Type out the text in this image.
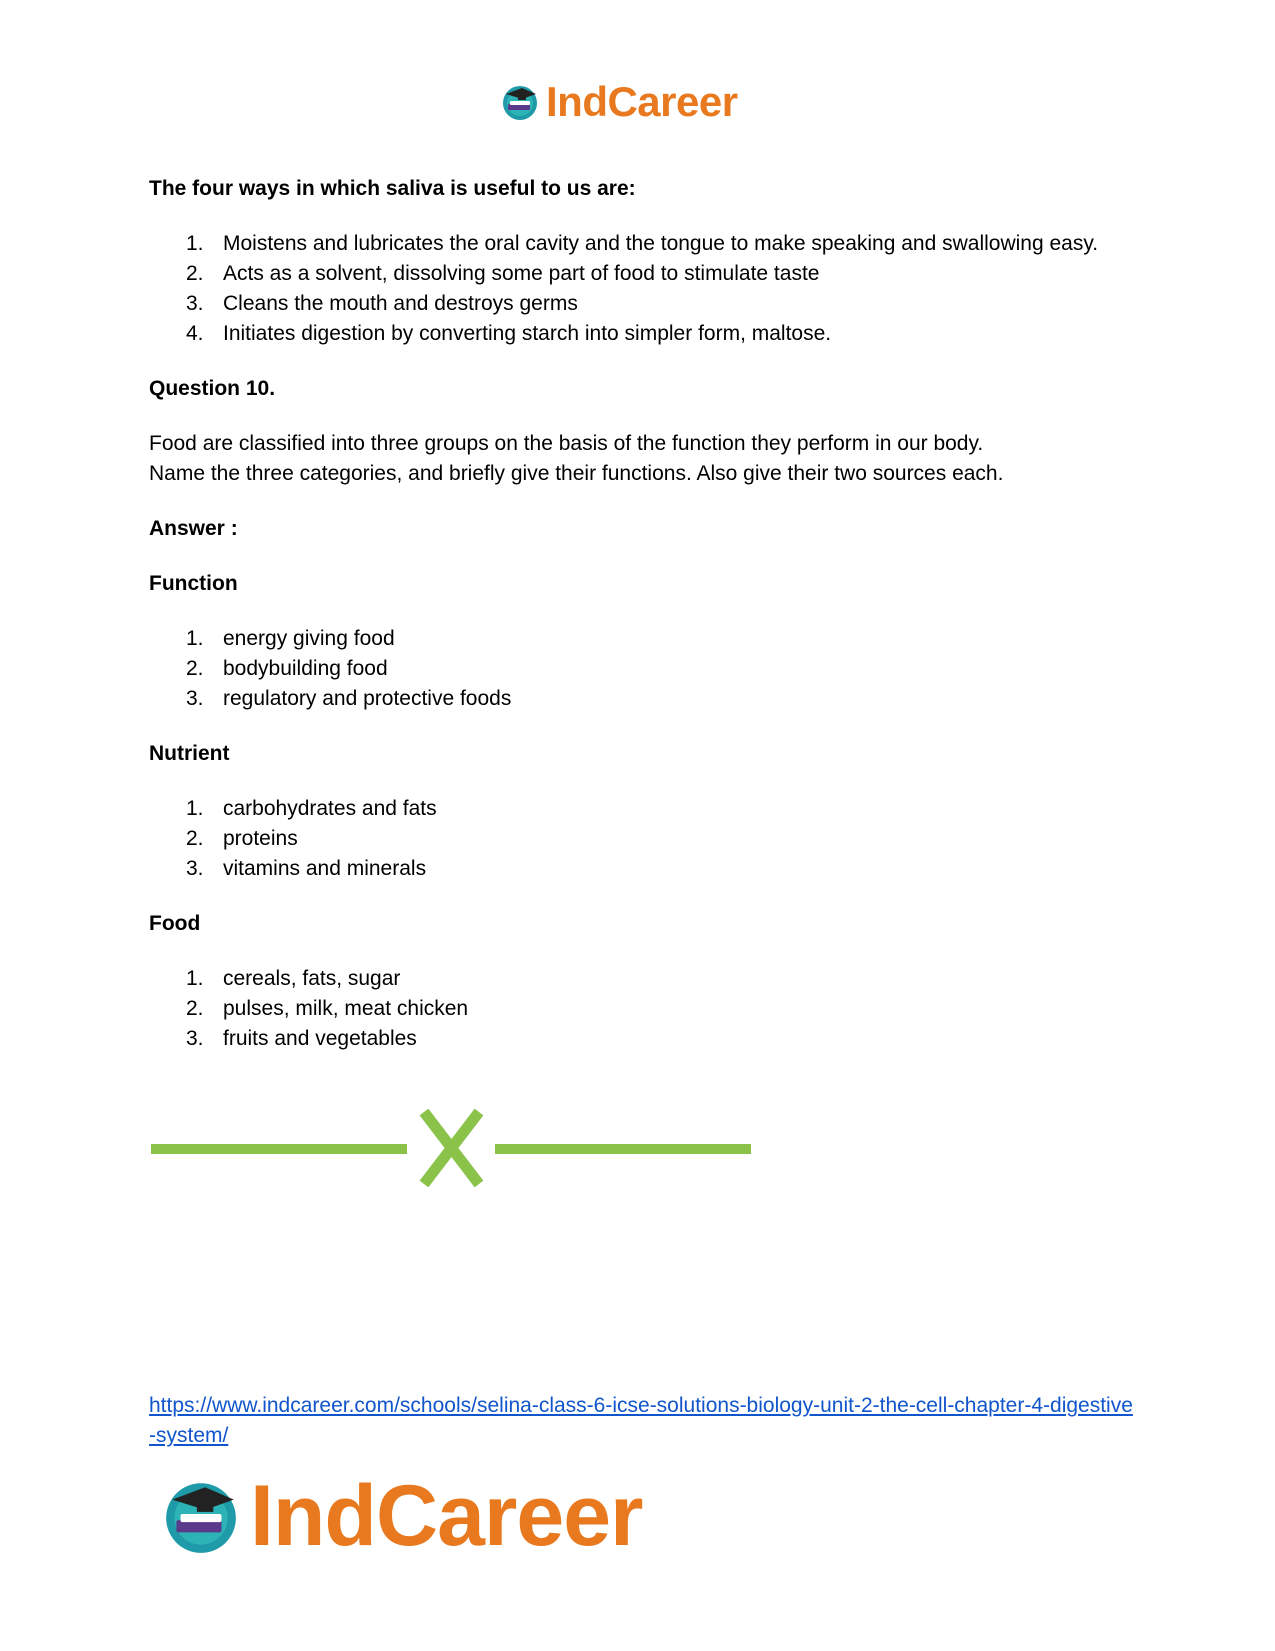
IndCareer

The four ways in which saliva is useful to us are:

1. Moistens and lubricates the oral cavity and the tongue to make speaking and swallowing easy.
2. Acts as a solvent, dissolving some part of food to stimulate taste
3. Cleans the mouth and destroys germs
4. Initiates digestion by converting starch into simpler form, maltose.

Question 10.

Food are classified into three groups on the basis of the function they perform in our body.

Name the three categories, and briefly give their functions. Also give their two sources each.

Answer :

Function

1. energy giving food
2. bodybuilding food
3. regulatory and protective foods

Nutrient

1. carbohydrates and fats
2. proteins
3. vitamins and minerals

Food

1. cereals, fats, sugar
2. pulses, milk, meat chicken
3. fruits and vegetables
https://www.indcareer.com/schools/selina-class-6-icse-solutions-biology-unit-2-the-cell-chapter-4-digestive-system/
IndCareer
